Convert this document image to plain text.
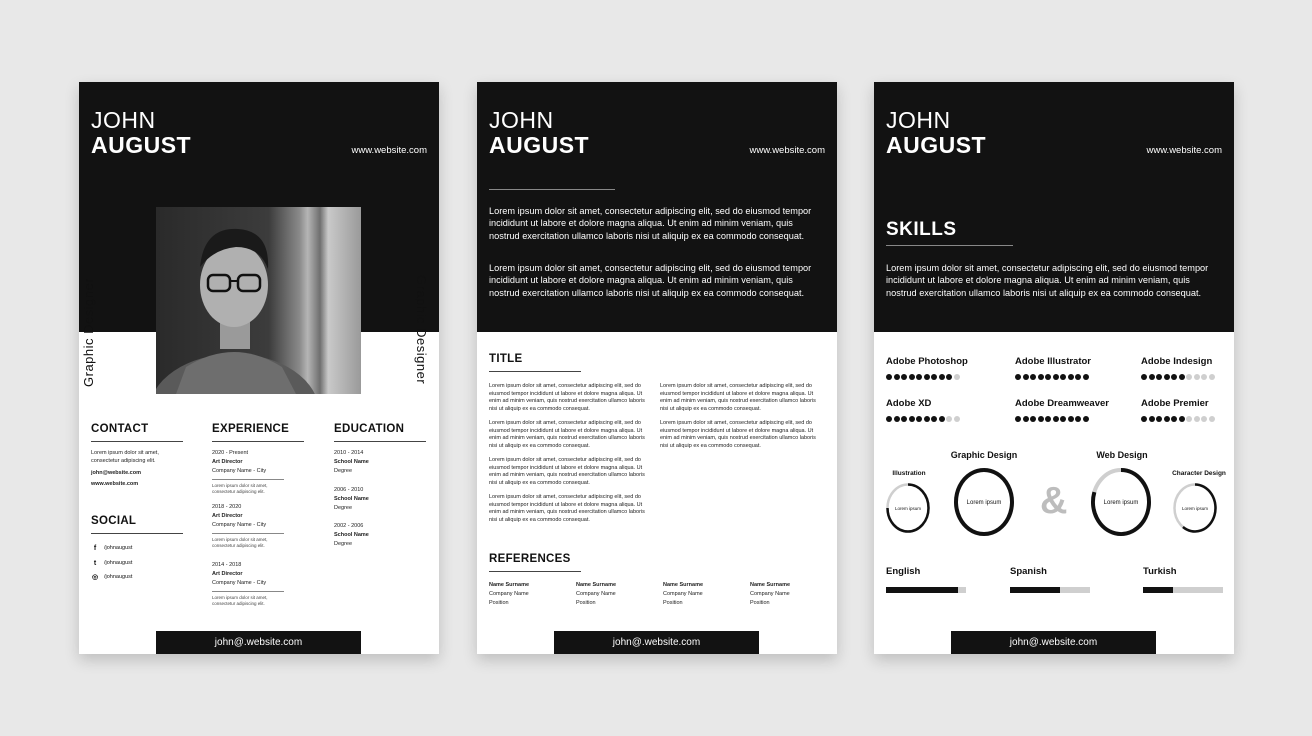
JOHN
AUGUST	www.website.com
Graphic Designer	Graphic Designer
CONTACT
Lorem ipsum dolor sit amet, consectetur adipiscing elit.
john@website.com
www.website.com
SOCIAL
f	/johnaugust
t	/johnaugust
◎ /johnaugust
EXPERIENCE
2020 - Present
Art Director
Company Name - City
Lorem ipsum dolor sit amet, consectetur adipiscing elit.
2018 - 2020
Art Director
Company Name - City
Lorem ipsum dolor sit amet, consectetur adipiscing elit.
2014 - 2018
Art Director
Company Name - City
Lorem ipsum dolor sit amet, consectetur adipiscing elit.
EDUCATION
2010 - 2014
School Name
Degree
2006 - 2010
School Name
Degree
2002 - 2006
School Name
Degree
john@.website.com
JOHN
AUGUST	www.website.com
Lorem ipsum dolor sit amet, consectetur adipiscing elit, sed do eiusmod tempor incididunt ut labore et dolore magna aliqua. Ut enim ad minim veniam, quis nostrud exercitation ullamco laboris nisi ut aliquip ex ea commodo consequat.
Lorem ipsum dolor sit amet, consectetur adipiscing elit, sed do eiusmod tempor incididunt ut labore et dolore magna aliqua. Ut enim ad minim veniam, quis nostrud exercitation ullamco laboris nisi ut aliquip ex ea commodo consequat.
TITLE

Lorem ipsum dolor sit amet, consectetur adipiscing elit, sed do eiusmod tempor incididunt ut labore et dolore magna aliqua. Ut enim ad minim veniam, quis nostrud exercitation ullamco laboris nisi ut aliquip ex ea commodo consequat.

Lorem ipsum dolor sit amet, consectetur adipiscing elit, sed do eiusmod tempor incididunt ut labore et dolore magna aliqua. Ut enim ad minim veniam, quis nostrud exercitation ullamco laboris nisi ut aliquip ex ea commodo consequat.

Lorem ipsum dolor sit amet, consectetur adipiscing elit, sed do eiusmod tempor incididunt ut labore et dolore magna aliqua. Ut enim ad minim veniam, quis nostrud exercitation ullamco laboris nisi ut aliquip ex ea commodo consequat.

Lorem ipsum dolor sit amet, consectetur adipiscing elit, sed do eiusmod tempor incididunt ut labore et dolore magna aliqua. Ut enim ad minim veniam, quis nostrud exercitation ullamco laboris nisi ut aliquip ex ea commodo consequat.

Lorem ipsum dolor sit amet, consectetur adipiscing elit, sed do eiusmod tempor incididunt ut labore et dolore magna aliqua. Ut enim ad minim veniam, quis nostrud exercitation ullamco laboris nisi ut aliquip ex ea commodo consequat.

Lorem ipsum dolor sit amet, consectetur adipiscing elit, sed do eiusmod tempor incididunt ut labore et dolore magna aliqua. Ut enim ad minim veniam, quis nostrud exercitation ullamco laboris nisi ut aliquip ex ea commodo consequat.

REFERENCES
Name Surname
Company Name
Position
Name Surname
Company Name
Position
Name Surname
Company Name
Position
Name Surname
Company Name
Position
john@.website.com
JOHN
AUGUST	www.website.com
SKILLS
Lorem ipsum dolor sit amet, consectetur adipiscing elit, sed do eiusmod tempor incididunt ut labore et dolore magna aliqua. Ut enim ad minim veniam, quis nostrud exercitation ullamco laboris nisi ut aliquip ex ea commodo consequat.
Adobe Photoshop	Adobe Illustrator	Adobe Indesign
Adobe XD	Adobe Dreamweaver	Adobe Premier
Illustration
Lorem ipsum
Graphic Design
Lorem ipsum &
Web Design
Lorem ipsum
Character Design
Lorem ipsum
English	Spanish	Turkish
john@.website.com
